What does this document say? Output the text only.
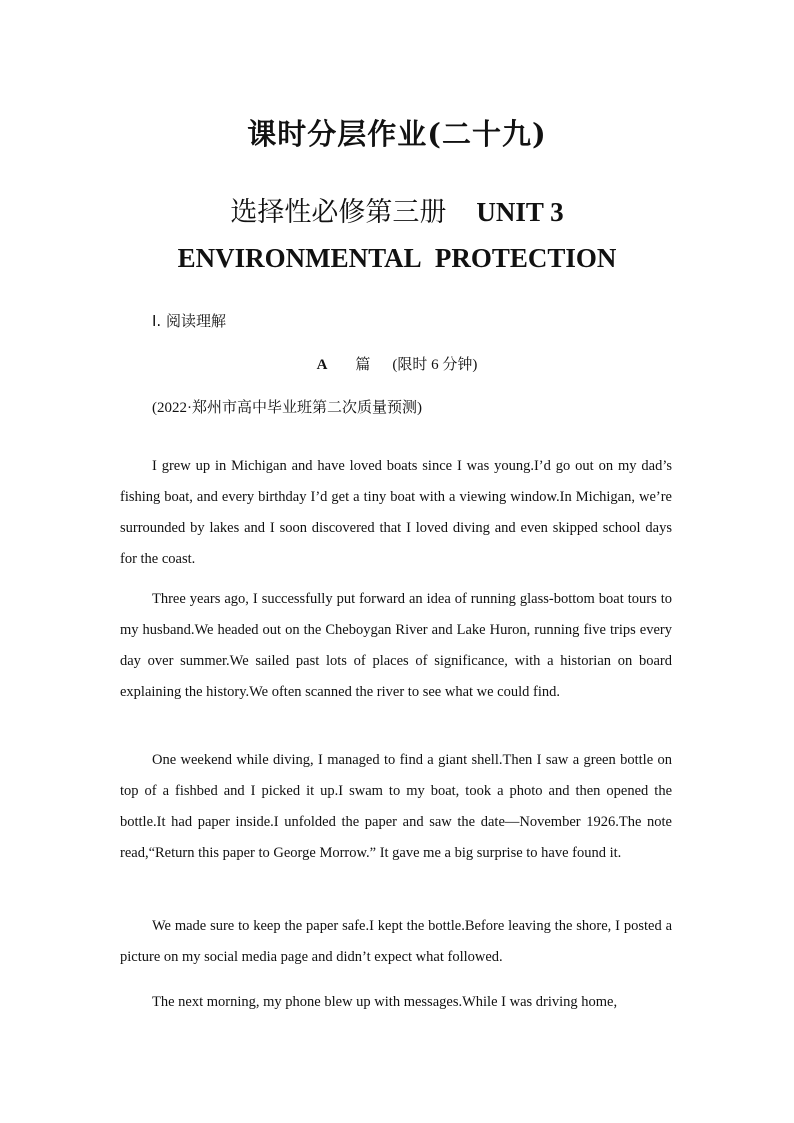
课时分层作业(二十九)
选择性必修第三册 UNIT 3
ENVIRONMENTAL PROTECTION
Ⅰ. 阅读理解
A 篇 (限时 6 分钟)
(2022·郑州市高中毕业班第二次质量预测)

I grew up in Michigan and have loved boats since I was young.I’d go out on my dad’s fishing boat, and every birthday I’d get a tiny boat with a viewing window.In Michigan, we’re surrounded by lakes and I soon discovered that I loved diving and even skipped school days for the coast.

Three years ago, I successfully put forward an idea of running glass-bottom boat tours to my husband.We headed out on the Cheboygan River and Lake Huron, running five trips every day over summer.We sailed past lots of places of significance, with a historian on board explaining the history.We often scanned the river to see what we could find.

One weekend while diving, I managed to find a giant shell.Then I saw a green bottle on top of a fishbed and I picked it up.I swam to my boat, took a photo and then opened the bottle.It had paper inside.I unfolded the paper and saw the date—November 1926.The note read,“Return this paper to George Morrow.” It gave me a big surprise to have found it.

We made sure to keep the paper safe.I kept the bottle.Before leaving the shore, I posted a picture on my social media page and didn’t expect what followed.

The next morning, my phone blew up with messages.While I was driving home,
